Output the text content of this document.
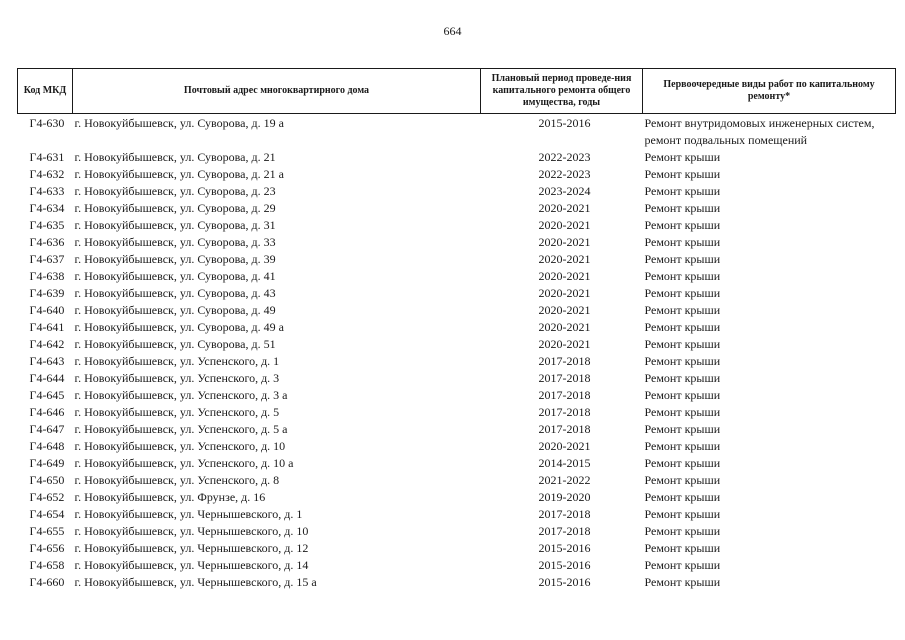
664
Код МКД	Почтовый адрес многоквартирного дома	Плановый период проведе-ния капитального ремонта общего имущества, годы	Первоочередные виды работ по капитальному ремонту*
Г4-630	г. Новокуйбышевск, ул. Суворова, д. 19 а	2015-2016	Ремонт внутридомовых инженерных систем,
ремонт подвальных помещений

Г4-631	г. Новокуйбышевск, ул. Суворова, д. 21	2022-2023	Ремонт крыши

Г4-632	г. Новокуйбышевск, ул. Суворова, д. 21 а	2022-2023	Ремонт крыши

Г4-633	г. Новокуйбышевск, ул. Суворова, д. 23	2023-2024	Ремонт крыши

Г4-634	г. Новокуйбышевск, ул. Суворова, д. 29	2020-2021	Ремонт крыши

Г4-635	г. Новокуйбышевск, ул. Суворова, д. 31	2020-2021	Ремонт крыши

Г4-636	г. Новокуйбышевск, ул. Суворова, д. 33	2020-2021	Ремонт крыши

Г4-637	г. Новокуйбышевск, ул. Суворова, д. 39	2020-2021	Ремонт крыши

Г4-638	г. Новокуйбышевск, ул. Суворова, д. 41	2020-2021	Ремонт крыши

Г4-639	г. Новокуйбышевск, ул. Суворова, д. 43	2020-2021	Ремонт крыши

Г4-640	г. Новокуйбышевск, ул. Суворова, д. 49	2020-2021	Ремонт крыши

Г4-641	г. Новокуйбышевск, ул. Суворова, д. 49 а	2020-2021	Ремонт крыши

Г4-642	г. Новокуйбышевск, ул. Суворова, д. 51	2020-2021	Ремонт крыши

Г4-643	г. Новокуйбышевск, ул. Успенского, д. 1	2017-2018	Ремонт крыши

Г4-644	г. Новокуйбышевск, ул. Успенского, д. 3	2017-2018	Ремонт крыши

Г4-645	г. Новокуйбышевск, ул. Успенского, д. 3 а	2017-2018	Ремонт крыши

Г4-646	г. Новокуйбышевск, ул. Успенского, д. 5	2017-2018	Ремонт крыши

Г4-647	г. Новокуйбышевск, ул. Успенского, д. 5 а	2017-2018	Ремонт крыши

Г4-648	г. Новокуйбышевск, ул. Успенского, д. 10	2020-2021	Ремонт крыши

Г4-649	г. Новокуйбышевск, ул. Успенского, д. 10 а	2014-2015	Ремонт крыши

Г4-650	г. Новокуйбышевск, ул. Успенского, д. 8	2021-2022	Ремонт крыши

Г4-652	г. Новокуйбышевск, ул. Фрунзе, д. 16	2019-2020	Ремонт крыши

Г4-654	г. Новокуйбышевск, ул. Чернышевского, д. 1	2017-2018	Ремонт крыши

Г4-655	г. Новокуйбышевск, ул. Чернышевского, д. 10	2017-2018	Ремонт крыши

Г4-656	г. Новокуйбышевск, ул. Чернышевского, д. 12	2015-2016	Ремонт крыши

Г4-658	г. Новокуйбышевск, ул. Чернышевского, д. 14	2015-2016	Ремонт крыши

Г4-660	г. Новокуйбышевск, ул. Чернышевского, д. 15 а	2015-2016	Ремонт крыши
